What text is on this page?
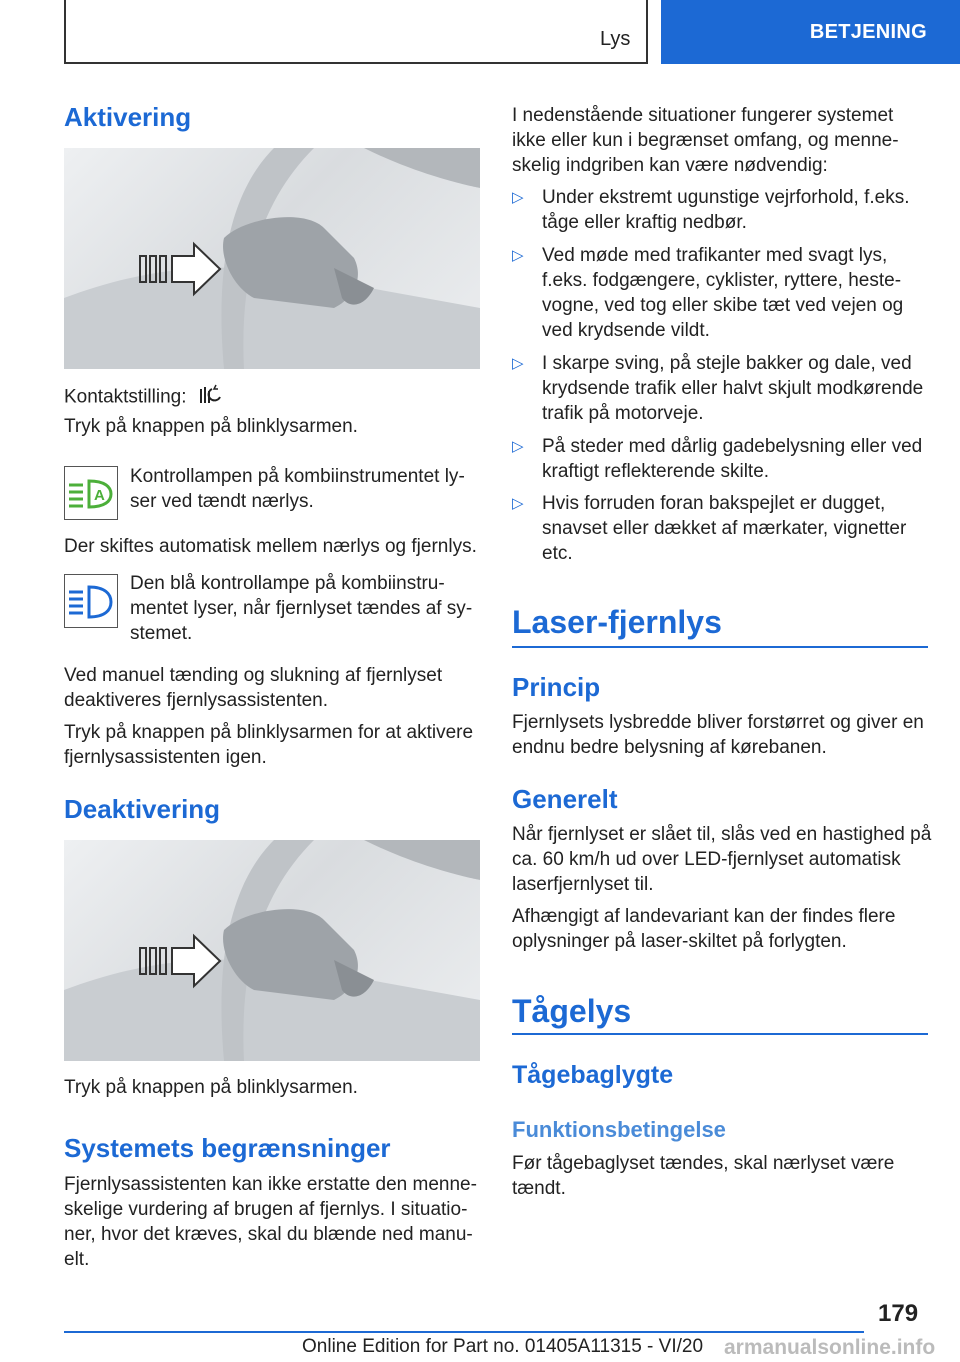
Lys	BETJENING
Aktivering
Kontaktstilling:

Tryk på knappen på blinklysarmen.

A

Kontrollampen på kombiinstrumentet lyser ved tændt nærlys.

Der skiftes automatisk mellem nærlys og fjernlys.

Den blå kontrollampe på kombiinstrumentet lyser, når fjernlyset tændes af systemet.

Ved manuel tænding og slukning af fjernlyset deaktiveres fjernlysassistenten.

Tryk på knappen på blinklysarmen for at aktivere fjernlysassistenten igen.

Deaktivering

Tryk på knappen på blinklysarmen.

Systemets begrænsninger

Fjernlysassistenten kan ikke erstatte den menneskelige vurdering af brugen af fjernlys. I situationer, hvor det kræves, skal du blænde ned manuelt.

I nedenstående situationer fungerer systemet ikke eller kun i begrænset omfang, og menneskelig indgriben kan være nødvendig:

▷ Under ekstremt ugunstige vejrforhold, f.eks. tåge eller kraftig nedbør.

▷ Ved møde med trafikanter med svagt lys, f.eks. fodgængere, cyklister, ryttere, hestevogne, ved tog eller skibe tæt ved vejen og ved krydsende vildt.

▷ I skarpe sving, på stejle bakker og dale, ved krydsende trafik eller halvt skjult modkørende trafik på motorveje.

▷ På steder med dårlig gadebelysning eller ved kraftigt reflekterende skilte.

▷ Hvis forruden foran bakspejlet er dugget, snavset eller dækket af mærkater, vignetter etc.

Laser-fjernlys
Princip

Fjernlysets lysbredde bliver forstørret og giver en endnu bedre belysning af kørebanen.

Generelt

Når fjernlyset er slået til, slås ved en hastighed på ca. 60 km/h ud over LED-fjernlyset automatisk laserfjernlyset til.

Afhængigt af landevariant kan der findes flere oplysninger på laser-skiltet på forlygten.

Tågelys
Tågebaglygte
Funktionsbetingelse

Før tågebaglyset tændes, skal nærlyset være tændt.

179
Online Edition for Part no. 01405A11315 - VI/20 armanualsonline.info
